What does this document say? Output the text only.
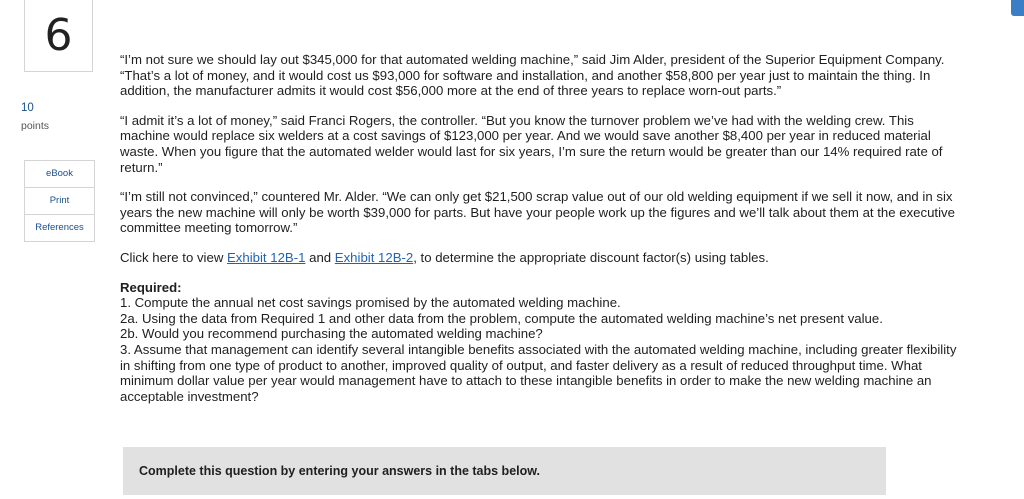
6
10
points
eBook
Print
References

“I’m not sure we should lay out $345,000 for that automated welding machine,” said Jim Alder, president of the Superior Equipment Company. “That’s a lot of money, and it would cost us $93,000 for software and installation, and another $58,800 per year just to maintain the thing. In addition, the manufacturer admits it would cost $56,000 more at the end of three years to replace worn-out parts.”

“I admit it’s a lot of money,” said Franci Rogers, the controller. “But you know the turnover problem we’ve had with the welding crew. This machine would replace six welders at a cost savings of $123,000 per year. And we would save another $8,400 per year in reduced material waste. When you figure that the automated welder would last for six years, I’m sure the return would be greater than our 14% required rate of return.”

“I’m still not convinced,” countered Mr. Alder. “We can only get $21,500 scrap value out of our old welding equipment if we sell it now, and in six years the new machine will only be worth $39,000 for parts. But have your people work up the figures and we’ll talk about them at the executive committee meeting tomorrow.”

Click here to view Exhibit 12B-1 and Exhibit 12B-2, to determine the appropriate discount factor(s) using tables.

Required:

1. Compute the annual net cost savings promised by the automated welding machine.

2a. Using the data from Required 1 and other data from the problem, compute the automated welding machine’s net present value.

2b. Would you recommend purchasing the automated welding machine?

3. Assume that management can identify several intangible benefits associated with the automated welding machine, including greater flexibility in shifting from one type of product to another, improved quality of output, and faster delivery as a result of reduced throughput time. What minimum dollar value per year would management have to attach to these intangible benefits in order to make the new welding machine an acceptable investment?

Complete this question by entering your answers in the tabs below.
